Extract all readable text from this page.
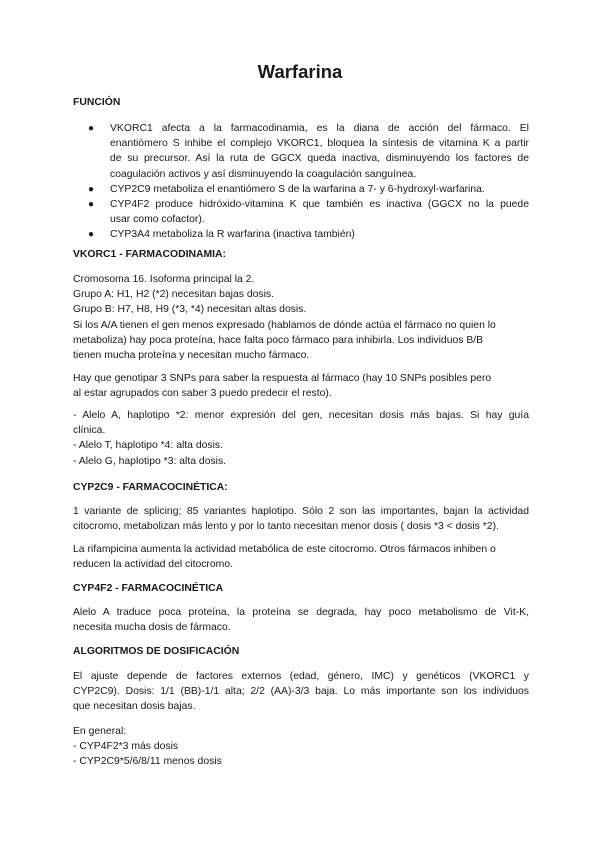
Warfarina
FUNCIÓN
● VKORC1 afecta a la farmacodinamia, es la diana de acción del fármaco. El
enantiómero S inhibe el complejo VKORC1, bloquea la síntesis de vitamina K a partir
de su precursor. Así la ruta de GGCX queda inactiva, disminuyendo los factores de
coagulación activos y así disminuyendo la coagulación sanguínea.
● CYP2C9 metaboliza el enantiómero S de la warfarina a 7- y 6-hydroxyl-warfarina.
● CYP4F2 produce hidróxido-vitamina K que también es inactiva (GGCX no la puede
usar como cofactor).
● CYP3A4 metaboliza la R warfarina (inactiva también)
VKORC1 - FARMACODINAMIA:
Cromosoma 16. Isoforma principal la 2.
Grupo A: H1, H2 (*2) necesitan bajas dosis.
Grupo B: H7, H8, H9 (*3, *4) necesitan altas dosis.
Si los A/A tienen el gen menos expresado (hablamos de dónde actúa el fármaco no quien lo
metaboliza) hay poca proteína, hace falta poco fármaco para inhibirla. Los individuos B/B
tienen mucha proteína y necesitan mucho fármaco.
Hay que genotipar 3 SNPs para saber la respuesta al fármaco (hay 10 SNPs posibles pero
al estar agrupados con saber 3 puedo predecir el resto).
- Alelo A, haplotipo *2: menor expresión del gen, necesitan dosis más bajas. Si hay guía
clínica.
- Alelo T, haplotipo *4: alta dosis.
- Alelo G, haplotipo *3: alta dosis.
CYP2C9 - FARMACOCINÉTICA:
1 variante de splicing; 85 variantes haplotipo. Sólo 2 son las importantes, bajan la actividad
citocromo, metabolizan más lento y por lo tanto necesitan menor dosis ( dosis *3 < dosis *2).
La rifampicina aumenta la actividad metabólica de este citocromo. Otros fármacos inhiben o
reducen la actividad del citocromo.
CYP4F2 - FARMACOCINÉTICA
Alelo A traduce poca proteína, la proteína se degrada, hay poco metabolismo de Vit-K,
necesita mucha dosis de fármaco.
ALGORITMOS DE DOSIFICACIÓN
El ajuste depende de factores externos (edad, género, IMC) y genéticos (VKORC1 y
CYP2C9). Dosis: 1/1 (BB)-1/1 alta; 2/2 (AA)-3/3 baja. Lo más importante son los individuos
que necesitan dosis bajas.
En general:
- CYP4F2*3 más dosis
- CYP2C9*5/6/8/11 menos dosis
